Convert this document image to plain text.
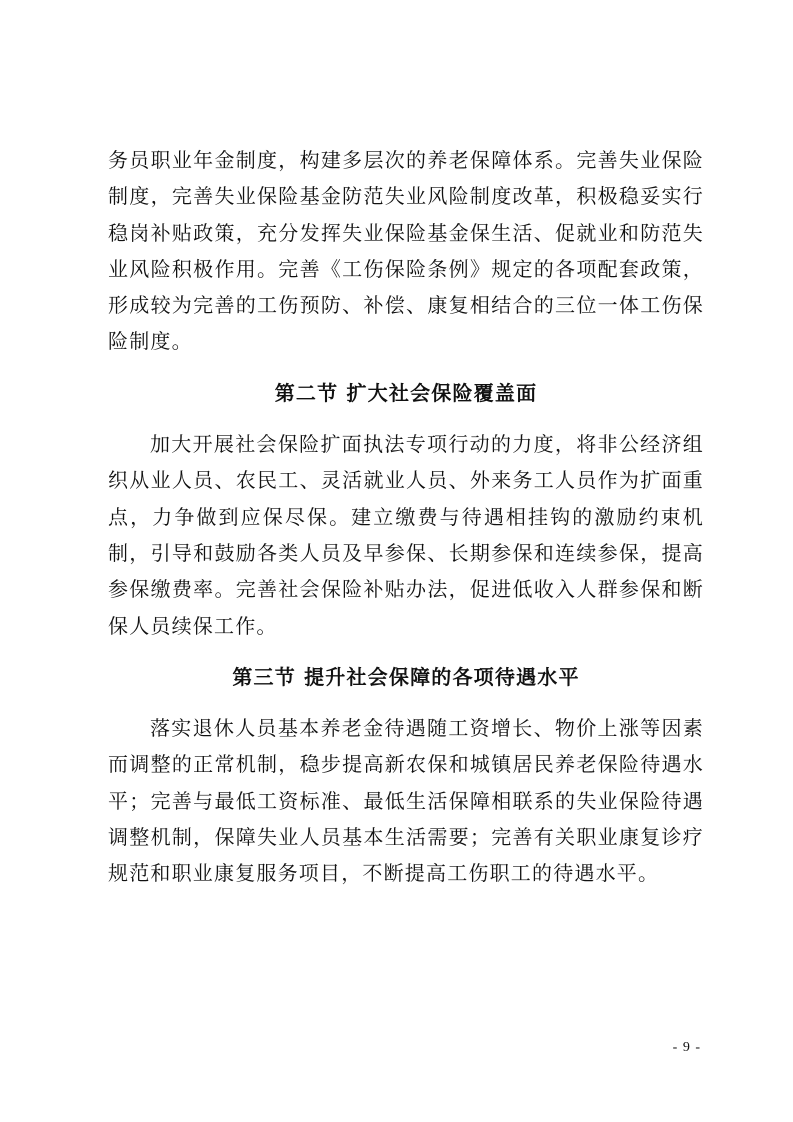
务员职业年金制度，构建多层次的养老保障体系。完善失业保险制度，完善失业保险基金防范失业风险制度改革，积极稳妥实行稳岗补贴政策，充分发挥失业保险基金保生活、促就业和防范失业风险积极作用。完善《工伤保险条例》规定的各项配套政策，形成较为完善的工伤预防、补偿、康复相结合的三位一体工伤保险制度。

第二节 扩大社会保险覆盖面

加大开展社会保险扩面执法专项行动的力度，将非公经济组织从业人员、农民工、灵活就业人员、外来务工人员作为扩面重点，力争做到应保尽保。建立缴费与待遇相挂钩的激励约束机制，引导和鼓励各类人员及早参保、长期参保和连续参保，提高参保缴费率。完善社会保险补贴办法，促进低收入人群参保和断保人员续保工作。

第三节 提升社会保障的各项待遇水平

落实退休人员基本养老金待遇随工资增长、物价上涨等因素而调整的正常机制，稳步提高新农保和城镇居民养老保险待遇水平；完善与最低工资标准、最低生活保障相联系的失业保险待遇调整机制，保障失业人员基本生活需要；完善有关职业康复诊疗规范和职业康复服务项目，不断提高工伤职工的待遇水平。

- 9 -
